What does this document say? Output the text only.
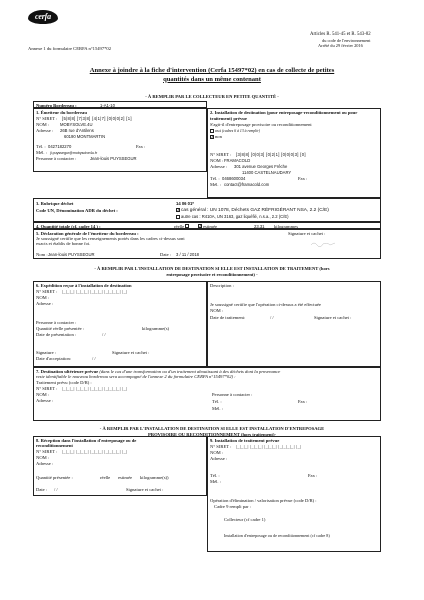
cerfa
Annexe 1 du formulaire CERFA n°15497*02
Articles R. 541-45 et R. 543-82
du code de l'environnement
Arrêté du 29 février 2016
Annexe à joindre à la fiche d'intervention (Cerfa 15497*02) en cas de collecte de petites
quantités dans un même contenant
- À REMPLIR PAR LE COLLECTEUR EN PETITE QUANTITÉ -
Numéro Bordereau :	1-A1-10
1. Émetteur du bordereau
N° SIRET : [5|8|8] [7|3|8] [4|1|7] [0|0|0|2] [1]
NOM :	MOBYSOLVE.4U
Adresse : 26B rue d'Antilens
60190 MONTMARTIN
Tél. : 0427182270	Fax :
Mél. : jl.puyssegur@mobysolve4u.fr
Personne à contacter :	Jean-louis PUYSSEGUR
2. Installation de destination (pour entreposage-reconditionnement ou pour traitement) prévue
S'agit-il d'entreposage provisoire ou reconditionnement
oui (cadres 6 à 13 à remplir)
Xnon
N° SIRET : [3|8|8] [0|0|3] [0|2|1] [0|0|0|3] [0]
NOM : FRAMACOLD
Adresse : 301 avenue Georges Frêche
11400 CASTELNAUDARY
Tél. : 0468600034	Fax :
Mél. : contact@framacold.com
3. Rubrique déchet
Code UN, Dénomination ADR du déchet :
14 06 01*
Xcas général : UN 1078, Déchets GAZ RÉFRIGÉRANT NSA, 2.2 (C/E)
autre cas : R410A, UN 3163, gaz liquéfié, n.s.a., 2.2 (C/E)
4. Quantité totale (cf. cadre 14 ) :	réelle	Xestimée	23.31 kilogrammes
5. Déclaration générale de l'émetteur du bordereau :
Je soussigné certifie que les renseignements portés dans les cadres ci-dessus sont
exacts et établis de bonne foi.
Signature et cachet :
Nom : Jean-louis PUYSSEGUR	Date : 3 / 11 / 2018
- À REMPLIR PAR L'INSTALLATION DE DESTINATION SI ELLE EST INSTALLATION DE TRAITEMENT (hors
entreposage provisoire et reconditionnement) -
6. Expédition reçue à l'installation de destination
N° SIRET : |_|_|_| |_|_|_| |_|_|_| |_|_|_|_| |_|
NOM :
Adresse :
Personne à contacter :
Quantité réelle présentée :	kilogramme(s)
Date de présentation :	/ /
Signature :	Signature et cachet :
Date d'acceptation:	/ /
Description :
Je soussigné certifie que l'opération ci-dessus a été effectuée
NOM :
Date de traitement:	/ /	Signature et cachet :
7. Destination ultérieure prévue (dans le cas d'une transformation ou d'un traitement aboutissant à des déchets dont la provenance
reste identifiable le nouveau bordereau sera accompagné de l'annexe 2 du formulaire CERFA n°15497*02) :
Traitement prévu (code D/R) :
N° SIRET : |_|_|_| |_|_|_| |_|_|_| |_|_|_|_| |_|
NOM :
Adresse :
Personne à contacter :
Tél. :	Fax :
Mél. :
- À REMPLIR PAR L'INSTALLATION DE DESTINATION SI ELLE EST INSTALLATION D'ENTREPOSAGE
PROVISOIRE OU RECONDITIONNEMENT (hors traitement)-
8. Réception dans l'installation d'entreposage ou de
reconditionnement
N° SIRET : |_|_|_| |_|_|_| |_|_|_| |_|_|_|_| |_|
NOM :
Adresse :
Quantité présentée :	réelle estimée kilogramme(s))
Date : / /	Signature et cachet :
9. Installation de traitement prévue
N° SIRET : |_|_|_| |_|_|_| |_|_|_| |_|_|_|_| |_|
NOM :
Adresse :
Tél. :	Fax :
Mél. :
Opération d'élimination / valorisation prévue (code D/R) :
Cadre 9 rempli par :
Collecteur (cf cadre 1)
Installation d'entreposage ou de reconditionnement (cf cadre 8)
